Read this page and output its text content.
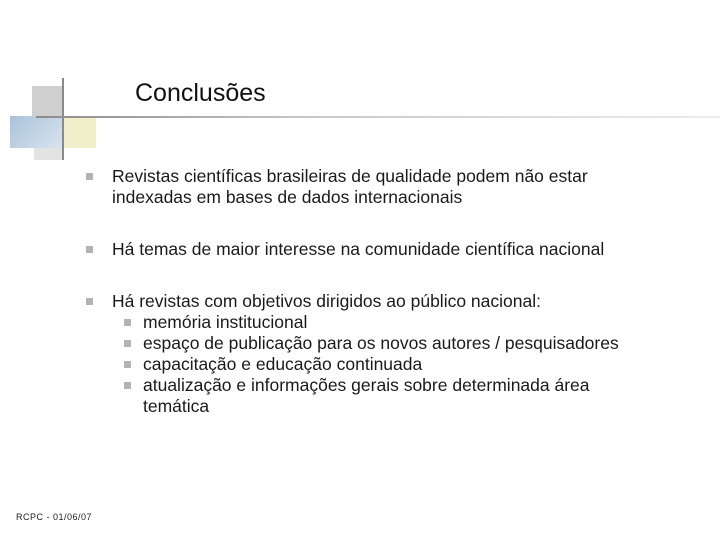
Conclusões
Revistas científicas brasileiras de qualidade podem não estar indexadas em bases de dados internacionais
Há temas de maior interesse na comunidade científica nacional
Há revistas com objetivos dirigidos ao público nacional:
memória institucional
espaço de publicação para os novos autores / pesquisadores
capacitação e educação continuada
atualização e informações gerais sobre determinada área temática
RCPC - 01/06/07
